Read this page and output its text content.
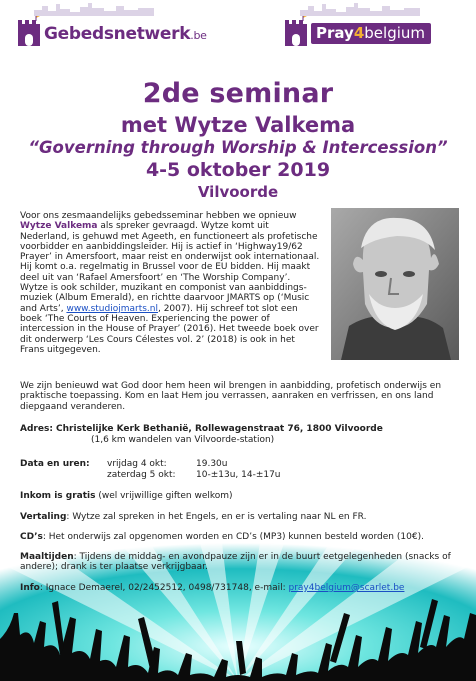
Gebedsnetwerk.be	Pray4belgium
2de seminar
met Wytze Valkema
“Governing through Worship & Intercession”
4-5 oktober 2019
Vilvoorde
Voor ons zesmaandelijks gebedsseminar hebben we opnieuw Wytze Valkema als spreker gevraagd. Wytze komt uit Nederland, is gehuwd met Ageeth, en functioneert als profetische voorbidder en aanbiddingsleider. Hij is actief in ‘Highway19/62 Prayer’ in Amersfoort, maar reist en onderwijst ook internationaal. Hij komt o.a. regelmatig in Brussel voor de EU bidden. Hij maakt deel uit van ‘Rafael Amersfoort’ en ‘The Worship Company’. Wytze is ook schilder, muzikant en componist van aanbiddings-muziek (Album Emerald), en richtte daarvoor JMARTS op (‘Music and Arts’, www.studiojmarts.nl, 2007). Hij schreef tot slot een boek ‘The Courts of Heaven. Experiencing the power of intercession in the House of Prayer’ (2016). Het tweede boek over dit onderwerp ‘Les Cours Célestes vol. 2’ (2018) is ook in het Frans uitgegeven.
We zijn benieuwd wat God door hem heen wil brengen in aanbidding, profetisch onderwijs en praktische toepassing. Kom en laat Hem jou verrassen, aanraken en verfrissen, en ons land diepgaand veranderen.
Adres: Christelijke Kerk Bethanië, Rollewagenstraat 76, 1800 Vilvoorde
(1,6 km wandelen van Vilvoorde-station)
Data en uren: vrijdag 4 okt:	19.30u
zaterdag 5 okt: 10-±13u, 14-±17u
Inkom is gratis (wel vrijwillige giften welkom)
Vertaling: Wytze zal spreken in het Engels, en er is vertaling naar NL en FR.
CD’s: Het onderwijs zal opgenomen worden en CD’s (MP3) kunnen besteld worden (10€).
Maaltijden: Tijdens de middag- en avondpauze zijn er in de buurt eetgelegenheden (snacks of andere); drank is ter plaatse verkrijgbaar.
Info: Ignace Demaerel, 02/2452512, 0498/731748, e-mail: pray4belgium@scarlet.be
